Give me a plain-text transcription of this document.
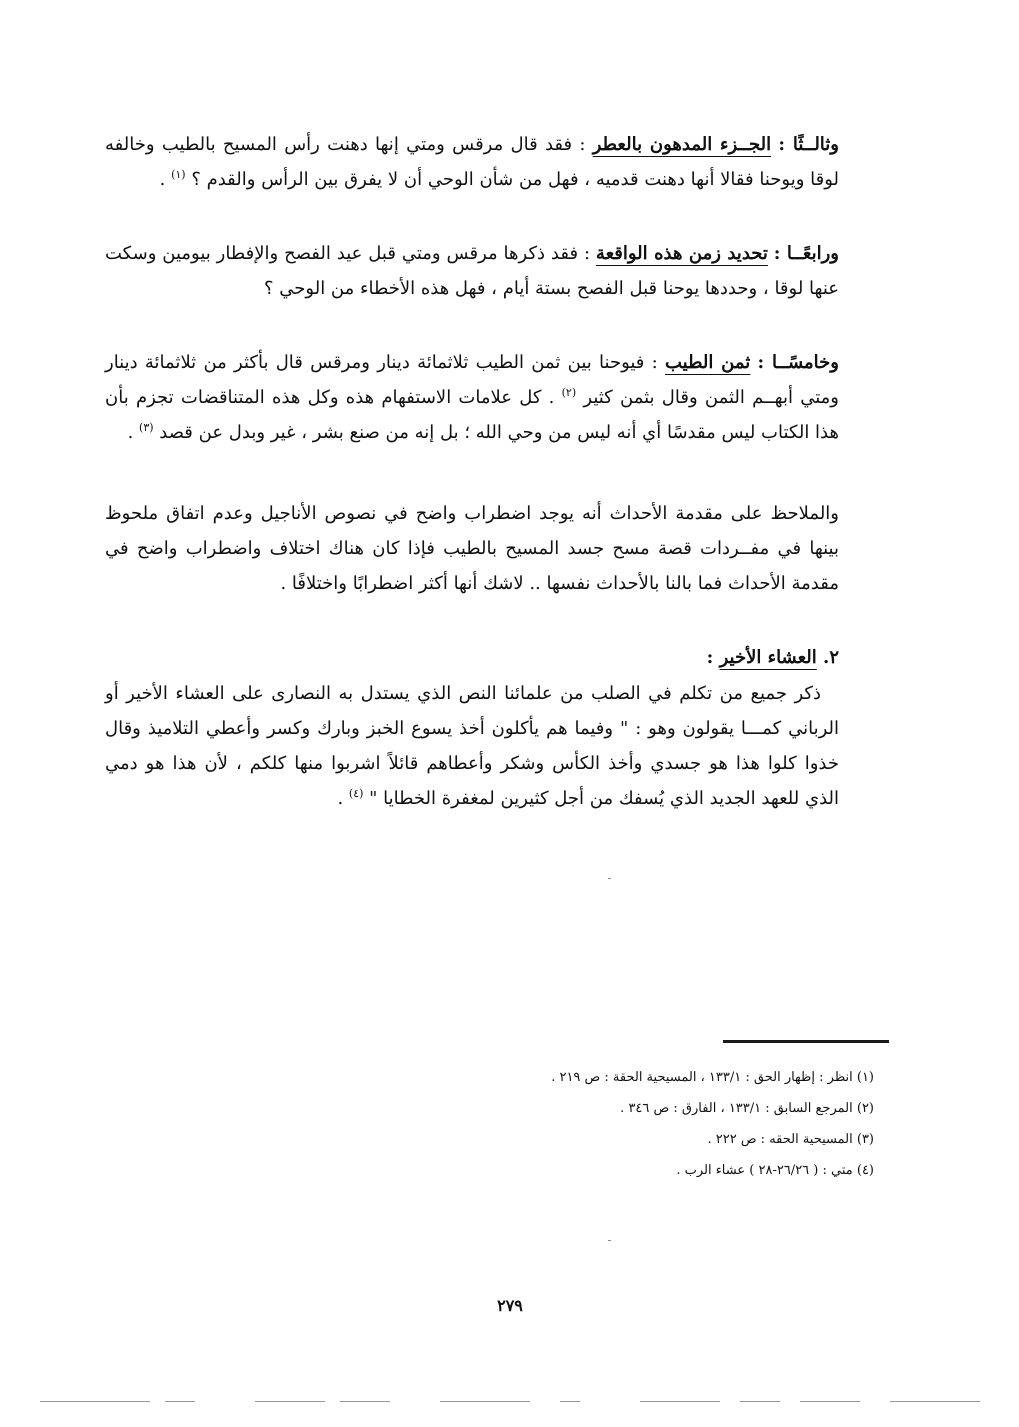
وثالــثًا : الجــزء المدهون بالعطر : فقد قال مرقس ومتي إنها دهنت رأس المسيح بالطيب وخالفه لوقا ويوحنا فقالا أنها دهنت قدميه ، فهل من شأن الوحي أن لا يفرق بين الرأس والقدم ؟ $^{(١)}$ .

ورابعًــا : تحديد زمن هذه الواقعة : فقد ذكرها مرقس ومتي قبل عيد الفصح والإفطار بيومين وسكت عنها لوقا ، وحددها يوحنا قبل الفصح بستة أيام ، فهل هذه الأخطاء من الوحي ؟

وخامسًــا : ثمن الطيب : فيوحنا بين ثمن الطيب ثلاثمائة دينار ومرقس قال بأكثر من ثلاثمائة دينار ومتي أبهــم الثمن وقال بثمن كثير $^{(٢)}$ . كل علامات الاستفهام هذه وكل هذه المتناقضات تجزم بأن هذا الكتاب ليس مقدسًا أي أنه ليس من وحي الله ؛ بل إنه من صنع بشر ، غير وبدل عن قصد $^{(٣)}$ .

والملاحظ على مقدمة الأحداث أنه يوجد اضطراب واضح في نصوص الأناجيل وعدم اتفاق ملحوظ بينها في مفــردات قصة مسح جسد المسيح بالطيب فإذا كان هناك اختلاف واضطراب واضح في مقدمة الأحداث فما بالنا بالأحداث نفسها .. لاشك أنها أكثر اضطرابًا واختلافًا .

٢. العشاء الأخير :

ذكر جميع من تكلم في الصلب من علمائنا النص الذي يستدل به النصارى على العشاء الأخير أو الرباني كمـــا يقولون وهو : " وفيما هم يأكلون أخذ يسوع الخبز وبارك وكسر وأعطي التلاميذ وقال خذوا كلوا هذا هو جسدي وأخذ الكأس وشكر وأعطاهم قائلاً اشربوا منها كلكم ، لأن هذا هو دمي الذي للعهد الجديد الذي يُسفك من أجل كثيرين لمغفرة الخطايا " $^{(٤)}$ .

(١) انظر : إظهار الحق : ١٣٣/١ ، المسيحية الحقة : ص ٢١٩ .

(٢) المرجع السابق : ١٣٣/١ ، الفارق : ص ٣٤٦ .

(٣) المسيحية الحقه : ص ٢٢٢ .

(٤) متي : ( ٢٦/٢٦-٢٨ ) عشاء الرب .

٢٧٩
